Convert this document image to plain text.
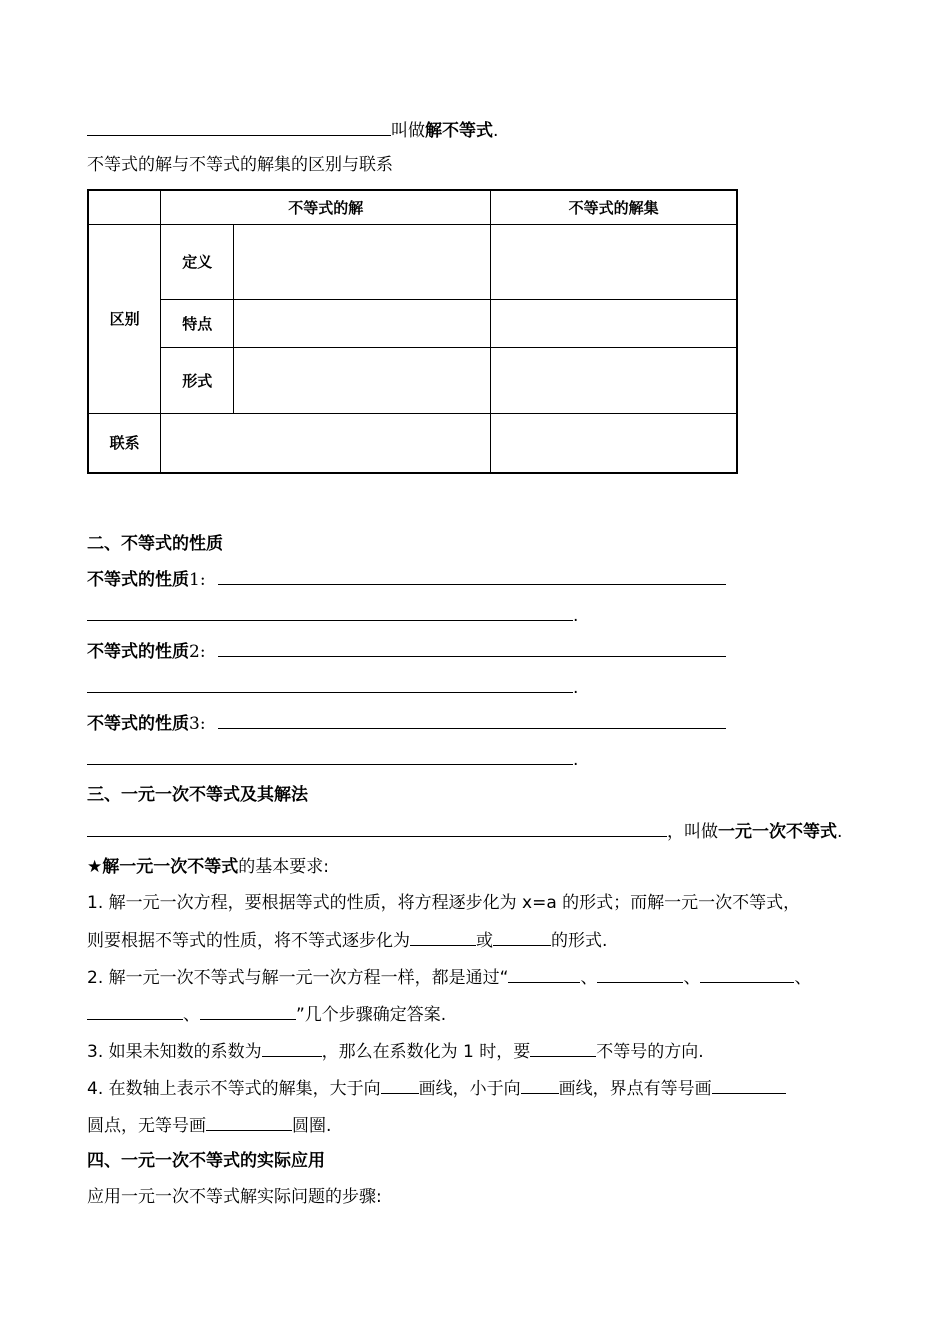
叫做解不等式.
不等式的解与不等式的解集的区别与联系
	不等式的解		不等式的解集
区别	定义		
	特点		
	形式		
联系			
二、不等式的性质
不等式的性质1:
.
不等式的性质2:
.
不等式的性质3:
.
三、一元一次不等式及其解法
，叫做一元一次不等式.
★解一元一次不等式的基本要求:
1. 解一元一次方程，要根据等式的性质，将方程逐步化为 x=a 的形式；而解一元一次不等式，
则要根据不等式的性质，将不等式逐步化为	或	的形式.
2. 解一元一次不等式与解一元一次方程一样，都是通过“	、	、	、
、	”几个步骤确定答案.
3. 如果未知数的系数为	，那么在系数化为 1 时，要	不等号的方向.
4. 在数轴上表示不等式的解集，大于向 画线，小于向 画线，界点有等号画
圆点，无等号画	圆圈.
四、一元一次不等式的实际应用
应用一元一次不等式解实际问题的步骤:
